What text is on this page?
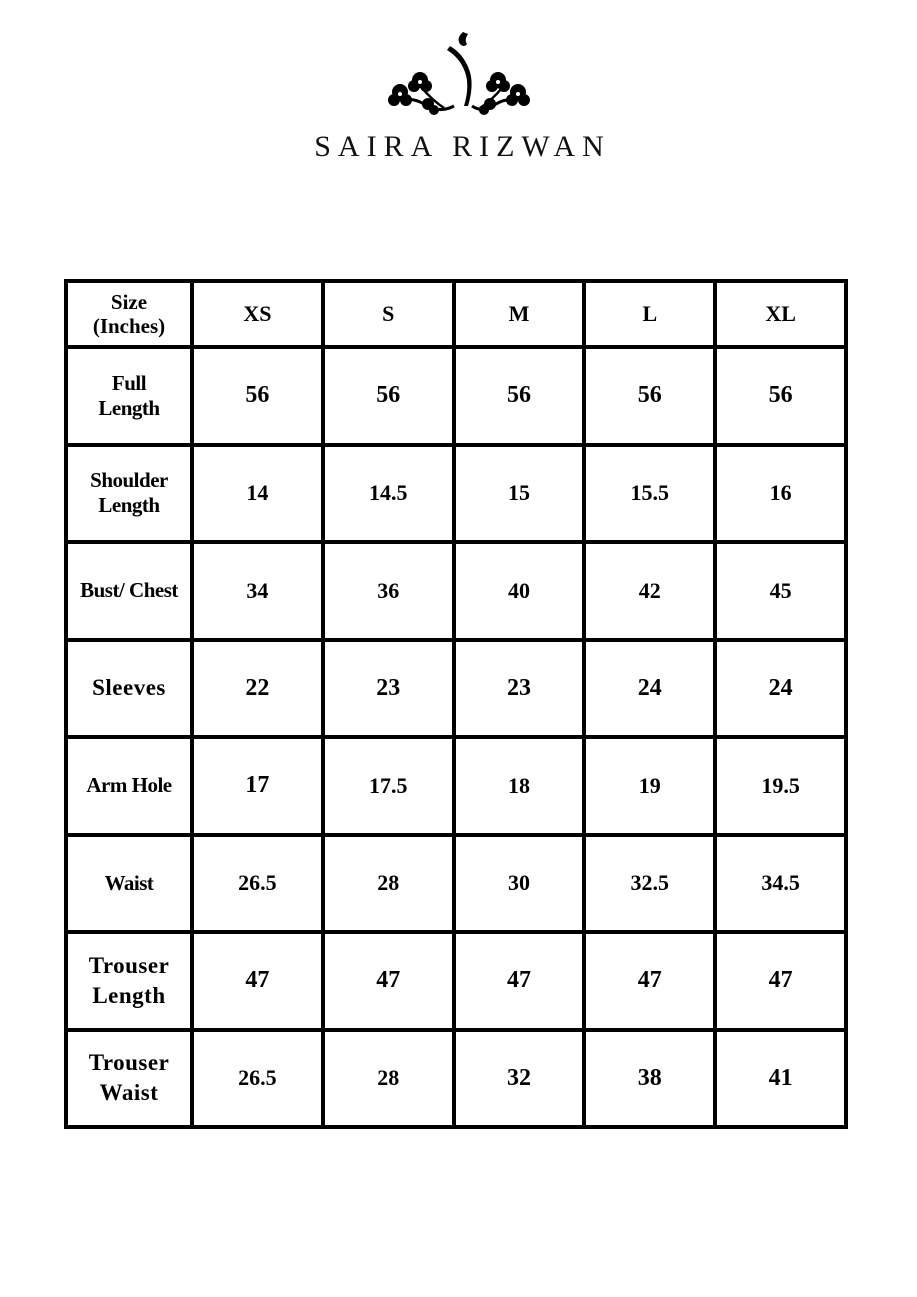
SAIRA RIZWAN
Size
(Inches)	XS	S	M	L	XL

Full
Length	56	56	56	56	56

Shoulder
Length	14	14.5	15	15.5	16

Bust/ Chest	34	36	40	42	45

Sleeves	22	23	23	24	24

Arm Hole	17	17.5	18	19	19.5

Waist	26.5	28	30	32.5	34.5

Trouser
Length	47	47	47	47	47

Trouser
Waist	26.5	28	32	38	41
